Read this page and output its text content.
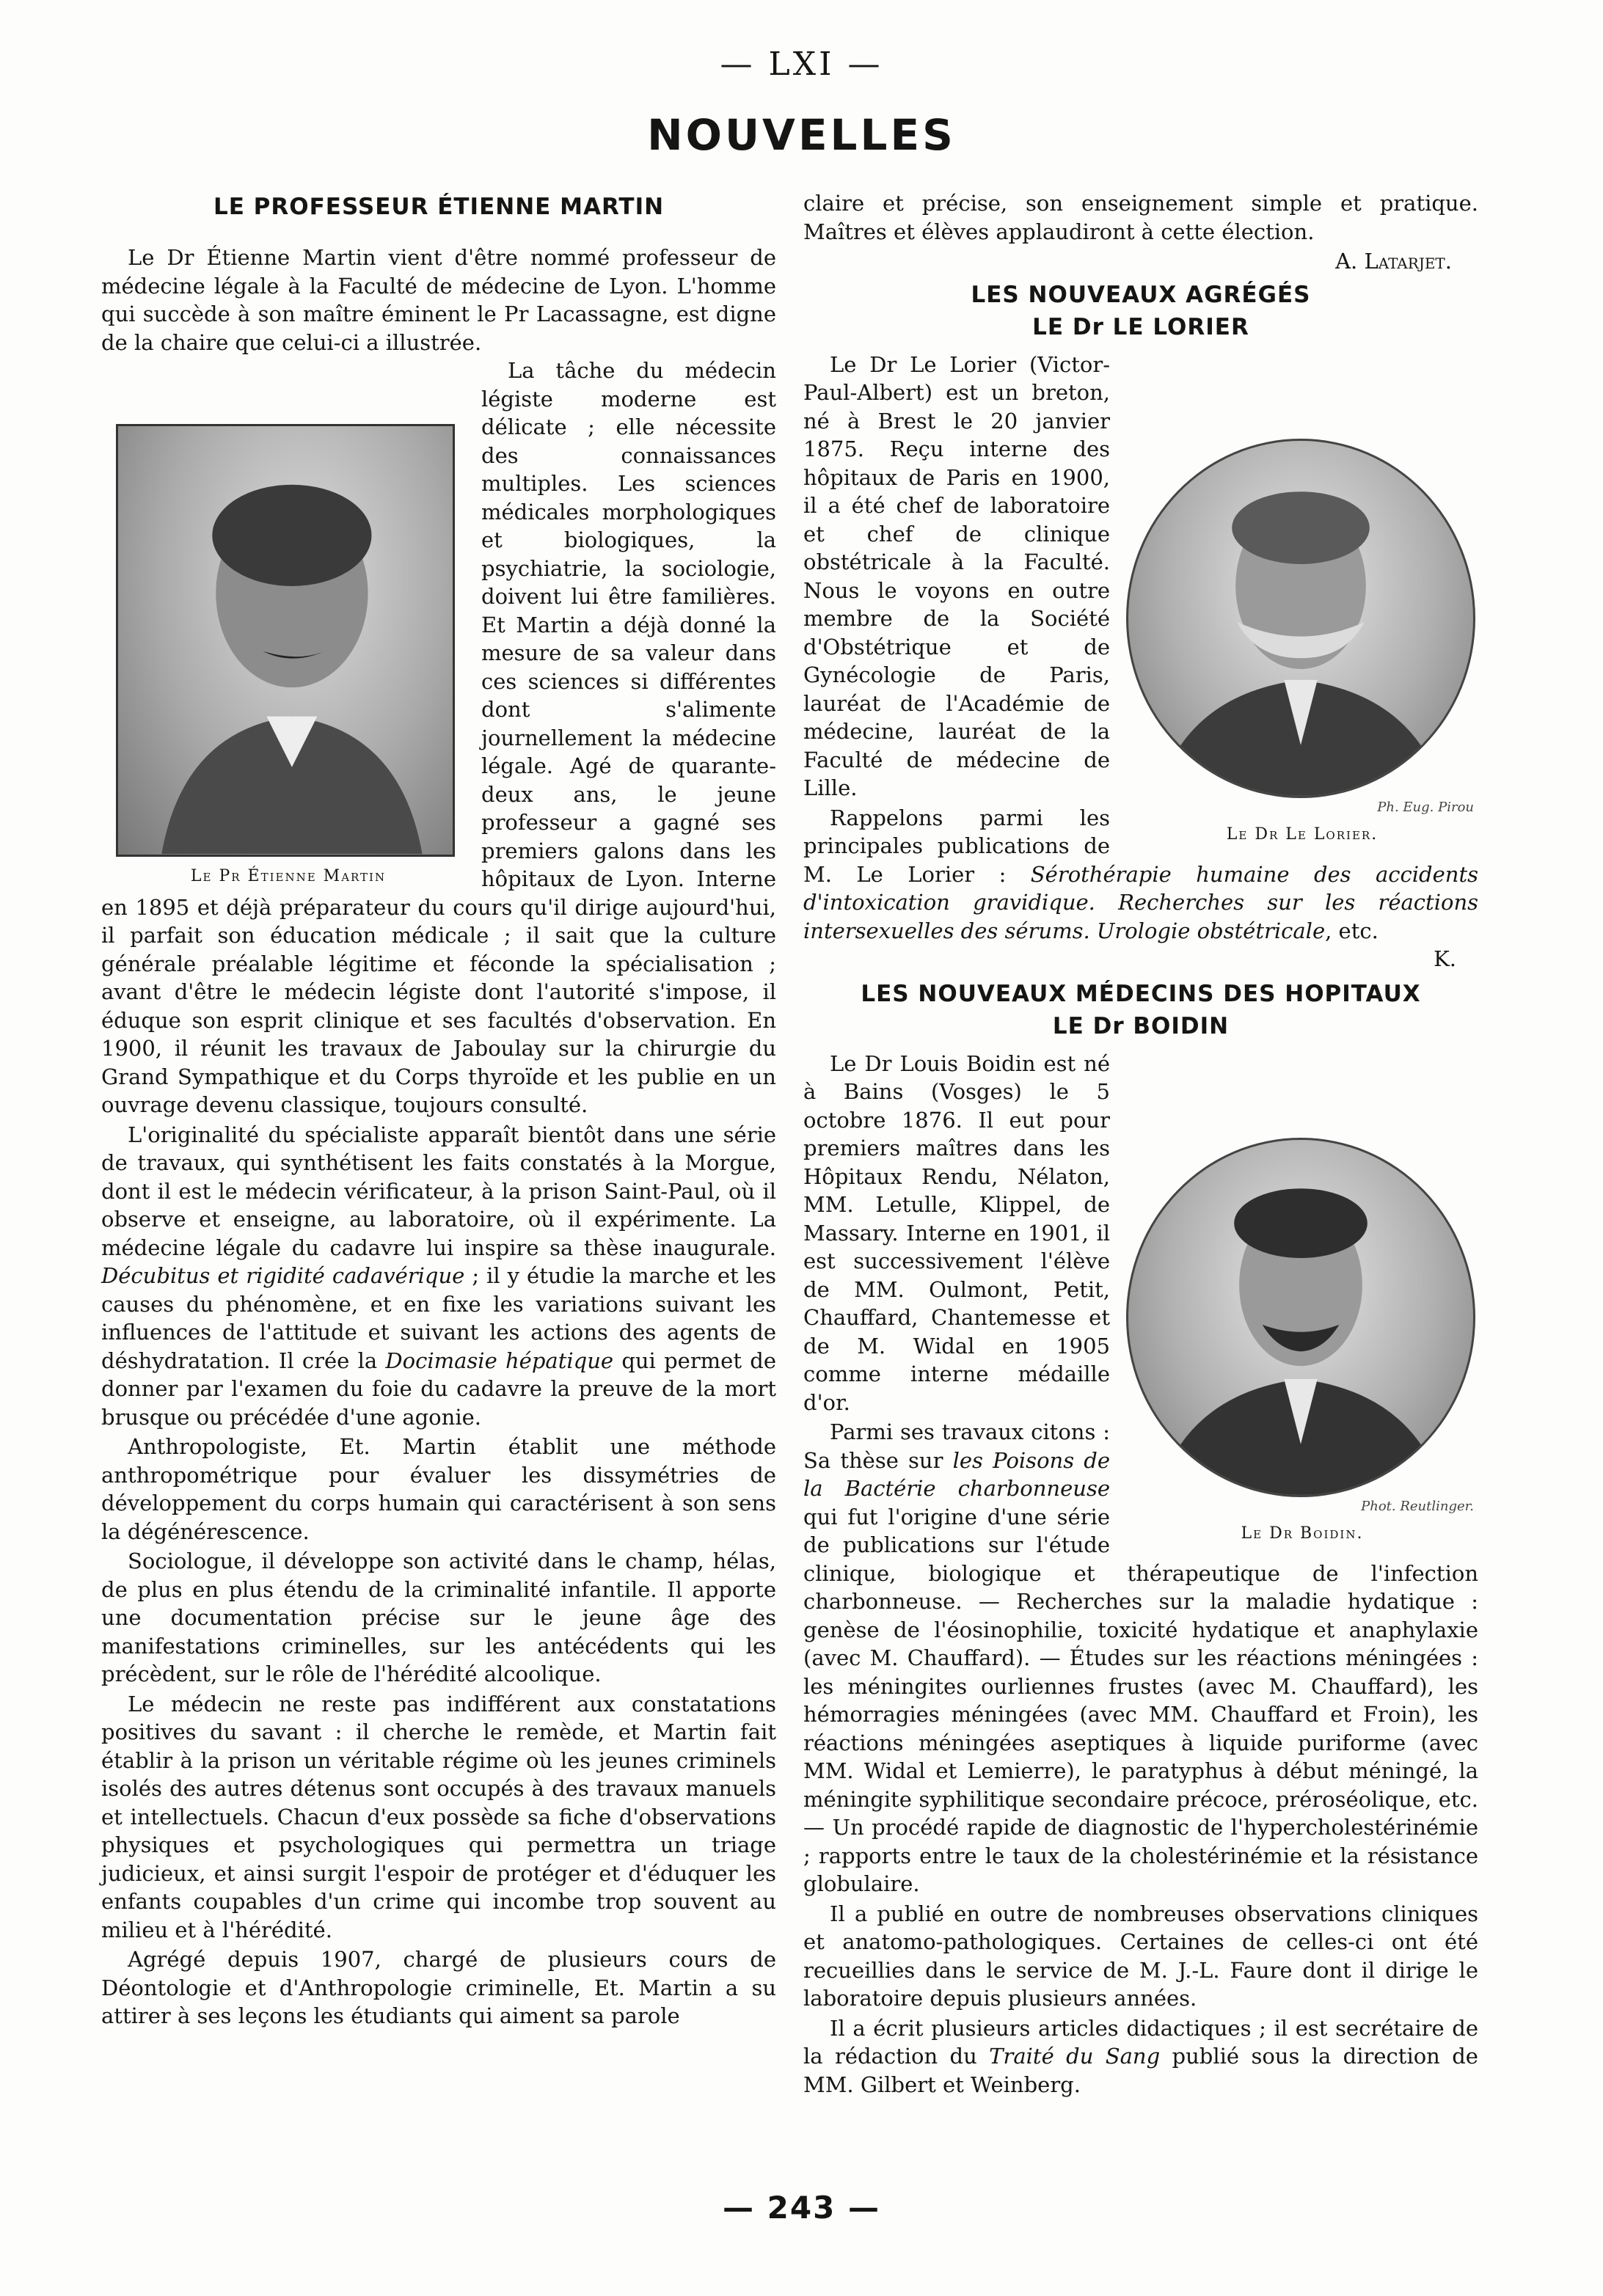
— LXI —
NOUVELLES
LE PROFESSEUR ÉTIENNE MARTIN

Le Dr Étienne Martin vient d'être nommé professeur de médecine légale à la Faculté de médecine de Lyon. L'homme qui succède à son maître éminent le Pr Lacassagne, est digne de la chaire que celui-ci a illustrée.

Le Pr Étienne Martin

La tâche du médecin légiste moderne est délicate ; elle nécessite des connaissances multiples. Les sciences médicales morphologiques et biologiques, la psychiatrie, la sociologie, doivent lui être familières. Et Martin a déjà donné la mesure de sa valeur dans ces sciences si différentes dont s'alimente journellement la médecine légale. Agé de quarante-deux ans, le jeune professeur a gagné ses premiers galons dans les hôpitaux de Lyon. Interne en 1895 et déjà préparateur du cours qu'il dirige aujourd'hui, il parfait son éducation médicale ; il sait que la culture générale préalable légitime et féconde la spécialisation ; avant d'être le médecin légiste dont l'autorité s'impose, il éduque son esprit clinique et ses facultés d'observation. En 1900, il réunit les travaux de Jaboulay sur la chirurgie du Grand Sympathique et du Corps thyroïde et les publie en un ouvrage devenu classique, toujours consulté.

L'originalité du spécialiste apparaît bientôt dans une série de travaux, qui synthétisent les faits constatés à la Morgue, dont il est le médecin vérificateur, à la prison Saint-Paul, où il observe et enseigne, au laboratoire, où il expérimente. La médecine légale du cadavre lui inspire sa thèse inaugurale. Décubitus et rigidité cadavérique ; il y étudie la marche et les causes du phénomène, et en fixe les variations suivant les influences de l'attitude et suivant les actions des agents de déshydratation. Il crée la Docimasie hépatique qui permet de donner par l'examen du foie du cadavre la preuve de la mort brusque ou précédée d'une agonie.

Anthropologiste, Et. Martin établit une méthode anthropométrique pour évaluer les dissymétries de développement du corps humain qui caractérisent à son sens la dégénérescence.

Sociologue, il développe son activité dans le champ, hélas, de plus en plus étendu de la criminalité infantile. Il apporte une documentation précise sur le jeune âge des manifestations criminelles, sur les antécédents qui les précèdent, sur le rôle de l'hérédité alcoolique.

Le médecin ne reste pas indifférent aux constatations positives du savant : il cherche le remède, et Martin fait établir à la prison un véritable régime où les jeunes criminels isolés des autres détenus sont occupés à des travaux manuels et intellectuels. Chacun d'eux possède sa fiche d'observations physiques et psychologiques qui permettra un triage judicieux, et ainsi surgit l'espoir de protéger et d'éduquer les enfants coupables d'un crime qui incombe trop souvent au milieu et à l'hérédité.

Agrégé depuis 1907, chargé de plusieurs cours de Déontologie et d'Anthropologie criminelle, Et. Martin a su attirer à ses leçons les étudiants qui aiment sa parole

claire et précise, son enseignement simple et pratique. Maîtres et élèves applaudiront à cette élection.

A. Latarjet.

LES NOUVEAUX AGRÉGÉS
LE Dr LE LORIER
Ph. Eug. Pirou
Le Dr Le Lorier.

Le Dr Le Lorier (Victor-Paul-Albert) est un breton, né à Brest le 20 janvier 1875. Reçu interne des hôpitaux de Paris en 1900, il a été chef de laboratoire et chef de clinique obstétricale à la Faculté. Nous le voyons en outre membre de la Société d'Obstétrique et de Gynécologie de Paris, lauréat de l'Académie de médecine, lauréat de la Faculté de médecine de Lille.

Rappelons parmi les principales publications de M. Le Lorier : Sérothérapie humaine des accidents d'intoxication gravidique. Recherches sur les réactions intersexuelles des sérums. Urologie obstétricale, etc.

K.

LES NOUVEAUX MÉDECINS DES HOPITAUX
LE Dr BOIDIN
Phot. Reutlinger.
Le Dr Boidin.

Le Dr Louis Boidin est né à Bains (Vosges) le 5 octobre 1876. Il eut pour premiers maîtres dans les Hôpitaux Rendu, Nélaton, MM. Letulle, Klippel, de Massary. Interne en 1901, il est successivement l'élève de MM. Oulmont, Petit, Chauffard, Chantemesse et de M. Widal en 1905 comme interne médaille d'or.

Parmi ses travaux citons : Sa thèse sur les Poisons de la Bactérie charbonneuse qui fut l'origine d'une série de publications sur l'étude clinique, biologique et thérapeutique de l'infection charbonneuse. — Recherches sur la maladie hydatique : genèse de l'éosinophilie, toxicité hydatique et anaphylaxie (avec M. Chauffard). — Études sur les réactions méningées : les méningites ourliennes frustes (avec M. Chauffard), les hémorragies méningées (avec MM. Chauffard et Froin), les réactions méningées aseptiques à liquide puriforme (avec MM. Widal et Lemierre), le paratyphus à début méningé, la méningite syphilitique secondaire précoce, préroséolique, etc. — Un procédé rapide de diagnostic de l'hypercholestérinémie ; rapports entre le taux de la cholestérinémie et la résistance globulaire.

Il a publié en outre de nombreuses observations cliniques et anatomo-pathologiques. Certaines de celles-ci ont été recueillies dans le service de M. J.-L. Faure dont il dirige le laboratoire depuis plusieurs années.

Il a écrit plusieurs articles didactiques ; il est secrétaire de la rédaction du Traité du Sang publié sous la direction de MM. Gilbert et Weinberg.

— 243 —
